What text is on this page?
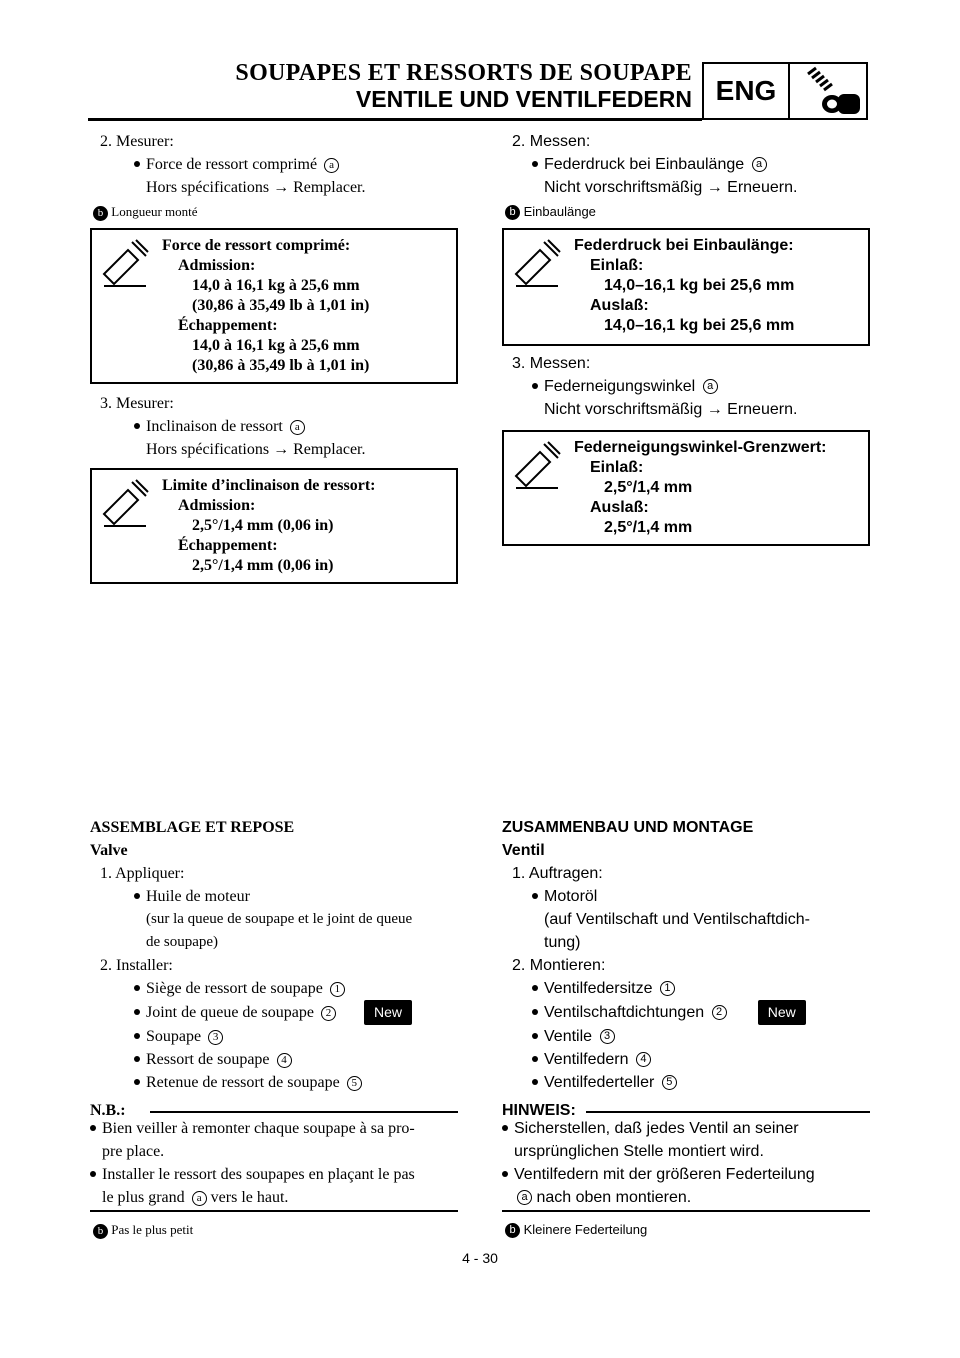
SOUPAPES ET RESSORTS DE SOUPAPE
VENTILE UND VENTILFEDERN ENG
2. Mesurer:
Force de ressort comprimé a
Hors spécifications → Remplacer.
b Longueur monté
Force de ressort comprimé:
Admission:
14,0 à 16,1 kg à 25,6 mm
(30,86 à 35,49 lb à 1,01 in)
Échappement:
14,0 à 16,1 kg à 25,6 mm
(30,86 à 35,49 lb à 1,01 in)
3. Mesurer:
Inclinaison de ressort a
Hors spécifications → Remplacer.
Limite d’inclinaison de ressort:
Admission:
2,5°/1,4 mm (0,06 in)
Échappement:
2,5°/1,4 mm (0,06 in)
ASSEMBLAGE ET REPOSE
Valve
1. Appliquer:
Huile de moteur
(sur la queue de soupape et le joint de queue
de soupape)
2. Installer:
Siège de ressort de soupape 1
Joint de queue de soupape 2	New
Soupape 3
Ressort de soupape 4
Retenue de ressort de soupape 5
N.B.:
Bien veiller à remonter chaque soupape à sa pro-
pre place.
Installer le ressort des soupapes en plaçant le pas
le plus grand a vers le haut.
b Pas le plus petit
2. Messen:
Federdruck bei Einbaulänge a
Nicht vorschriftsmäßig → Erneuern.
b Einbaulänge
Federdruck bei Einbaulänge:
Einlaß:
14,0–16,1 kg bei 25,6 mm
Auslaß:
14,0–16,1 kg bei 25,6 mm
3. Messen:
Federneigungswinkel a
Nicht vorschriftsmäßig → Erneuern.
Federneigungswinkel-Grenzwert:
Einlaß:
2,5°/1,4 mm
Auslaß:
2,5°/1,4 mm
ZUSAMMENBAU UND MONTAGE
Ventil
1. Auftragen:
Motoröl
(auf Ventilschaft und Ventilschaftdich-
tung)
2. Montieren:
Ventilfedersitze 1
Ventilschaftdichtungen 2	New
Ventile 3
Ventilfedern 4
Ventilfederteller 5
HINWEIS:
Sicherstellen, daß jedes Ventil an seiner
ursprünglichen Stelle montiert wird.
Ventilfedern mit der größeren Federteilung
a nach oben montieren.
b Kleinere Federteilung
4 - 30
